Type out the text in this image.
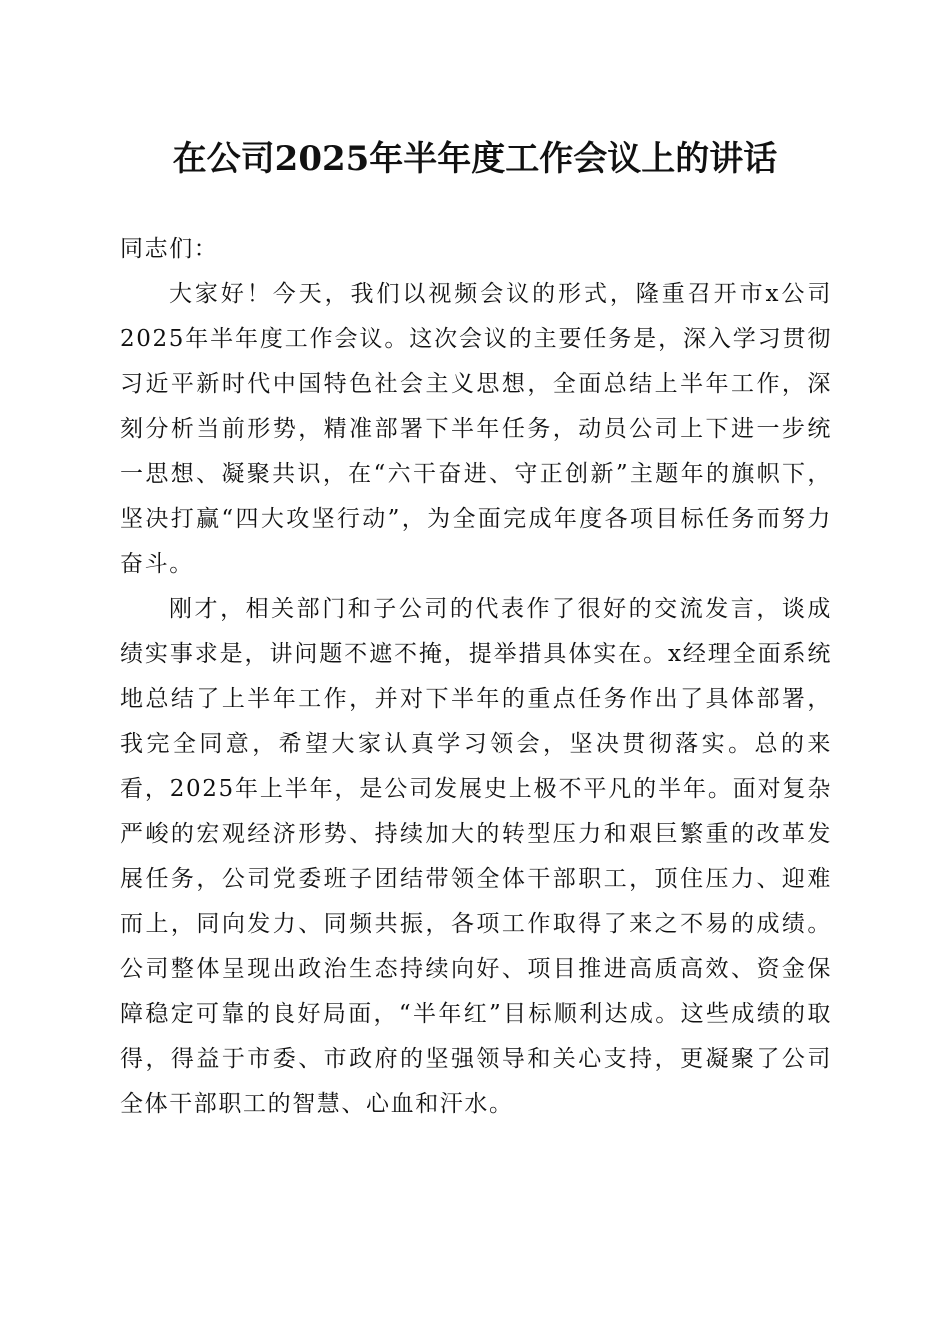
在公司2025年半年度工作会议上的讲话

同志们：

大家好！今天，我们以视频会议的形式，隆重召开市x公司2025年半年度工作会议。这次会议的主要任务是，深入学习贯彻习近平新时代中国特色社会主义思想，全面总结上半年工作，深刻分析当前形势，精准部署下半年任务，动员公司上下进一步统一思想、凝聚共识，在“六干奋进、守正创新”主题年的旗帜下，坚决打赢“四大攻坚行动”，为全面完成年度各项目标任务而努力奋斗。

刚才，相关部门和子公司的代表作了很好的交流发言，谈成绩实事求是，讲问题不遮不掩，提举措具体实在。x经理全面系统地总结了上半年工作，并对下半年的重点任务作出了具体部署，我完全同意，希望大家认真学习领会，坚决贯彻落实。总的来看，2025年上半年，是公司发展史上极不平凡的半年。面对复杂严峻的宏观经济形势、持续加大的转型压力和艰巨繁重的改革发展任务，公司党委班子团结带领全体干部职工，顶住压力、迎难而上，同向发力、同频共振，各项工作取得了来之不易的成绩。公司整体呈现出政治生态持续向好、项目推进高质高效、资金保障稳定可靠的良好局面，“半年红”目标顺利达成。这些成绩的取得，得益于市委、市政府的坚强领导和关心支持，更凝聚了公司全体干部职工的智慧、心血和汗水。
